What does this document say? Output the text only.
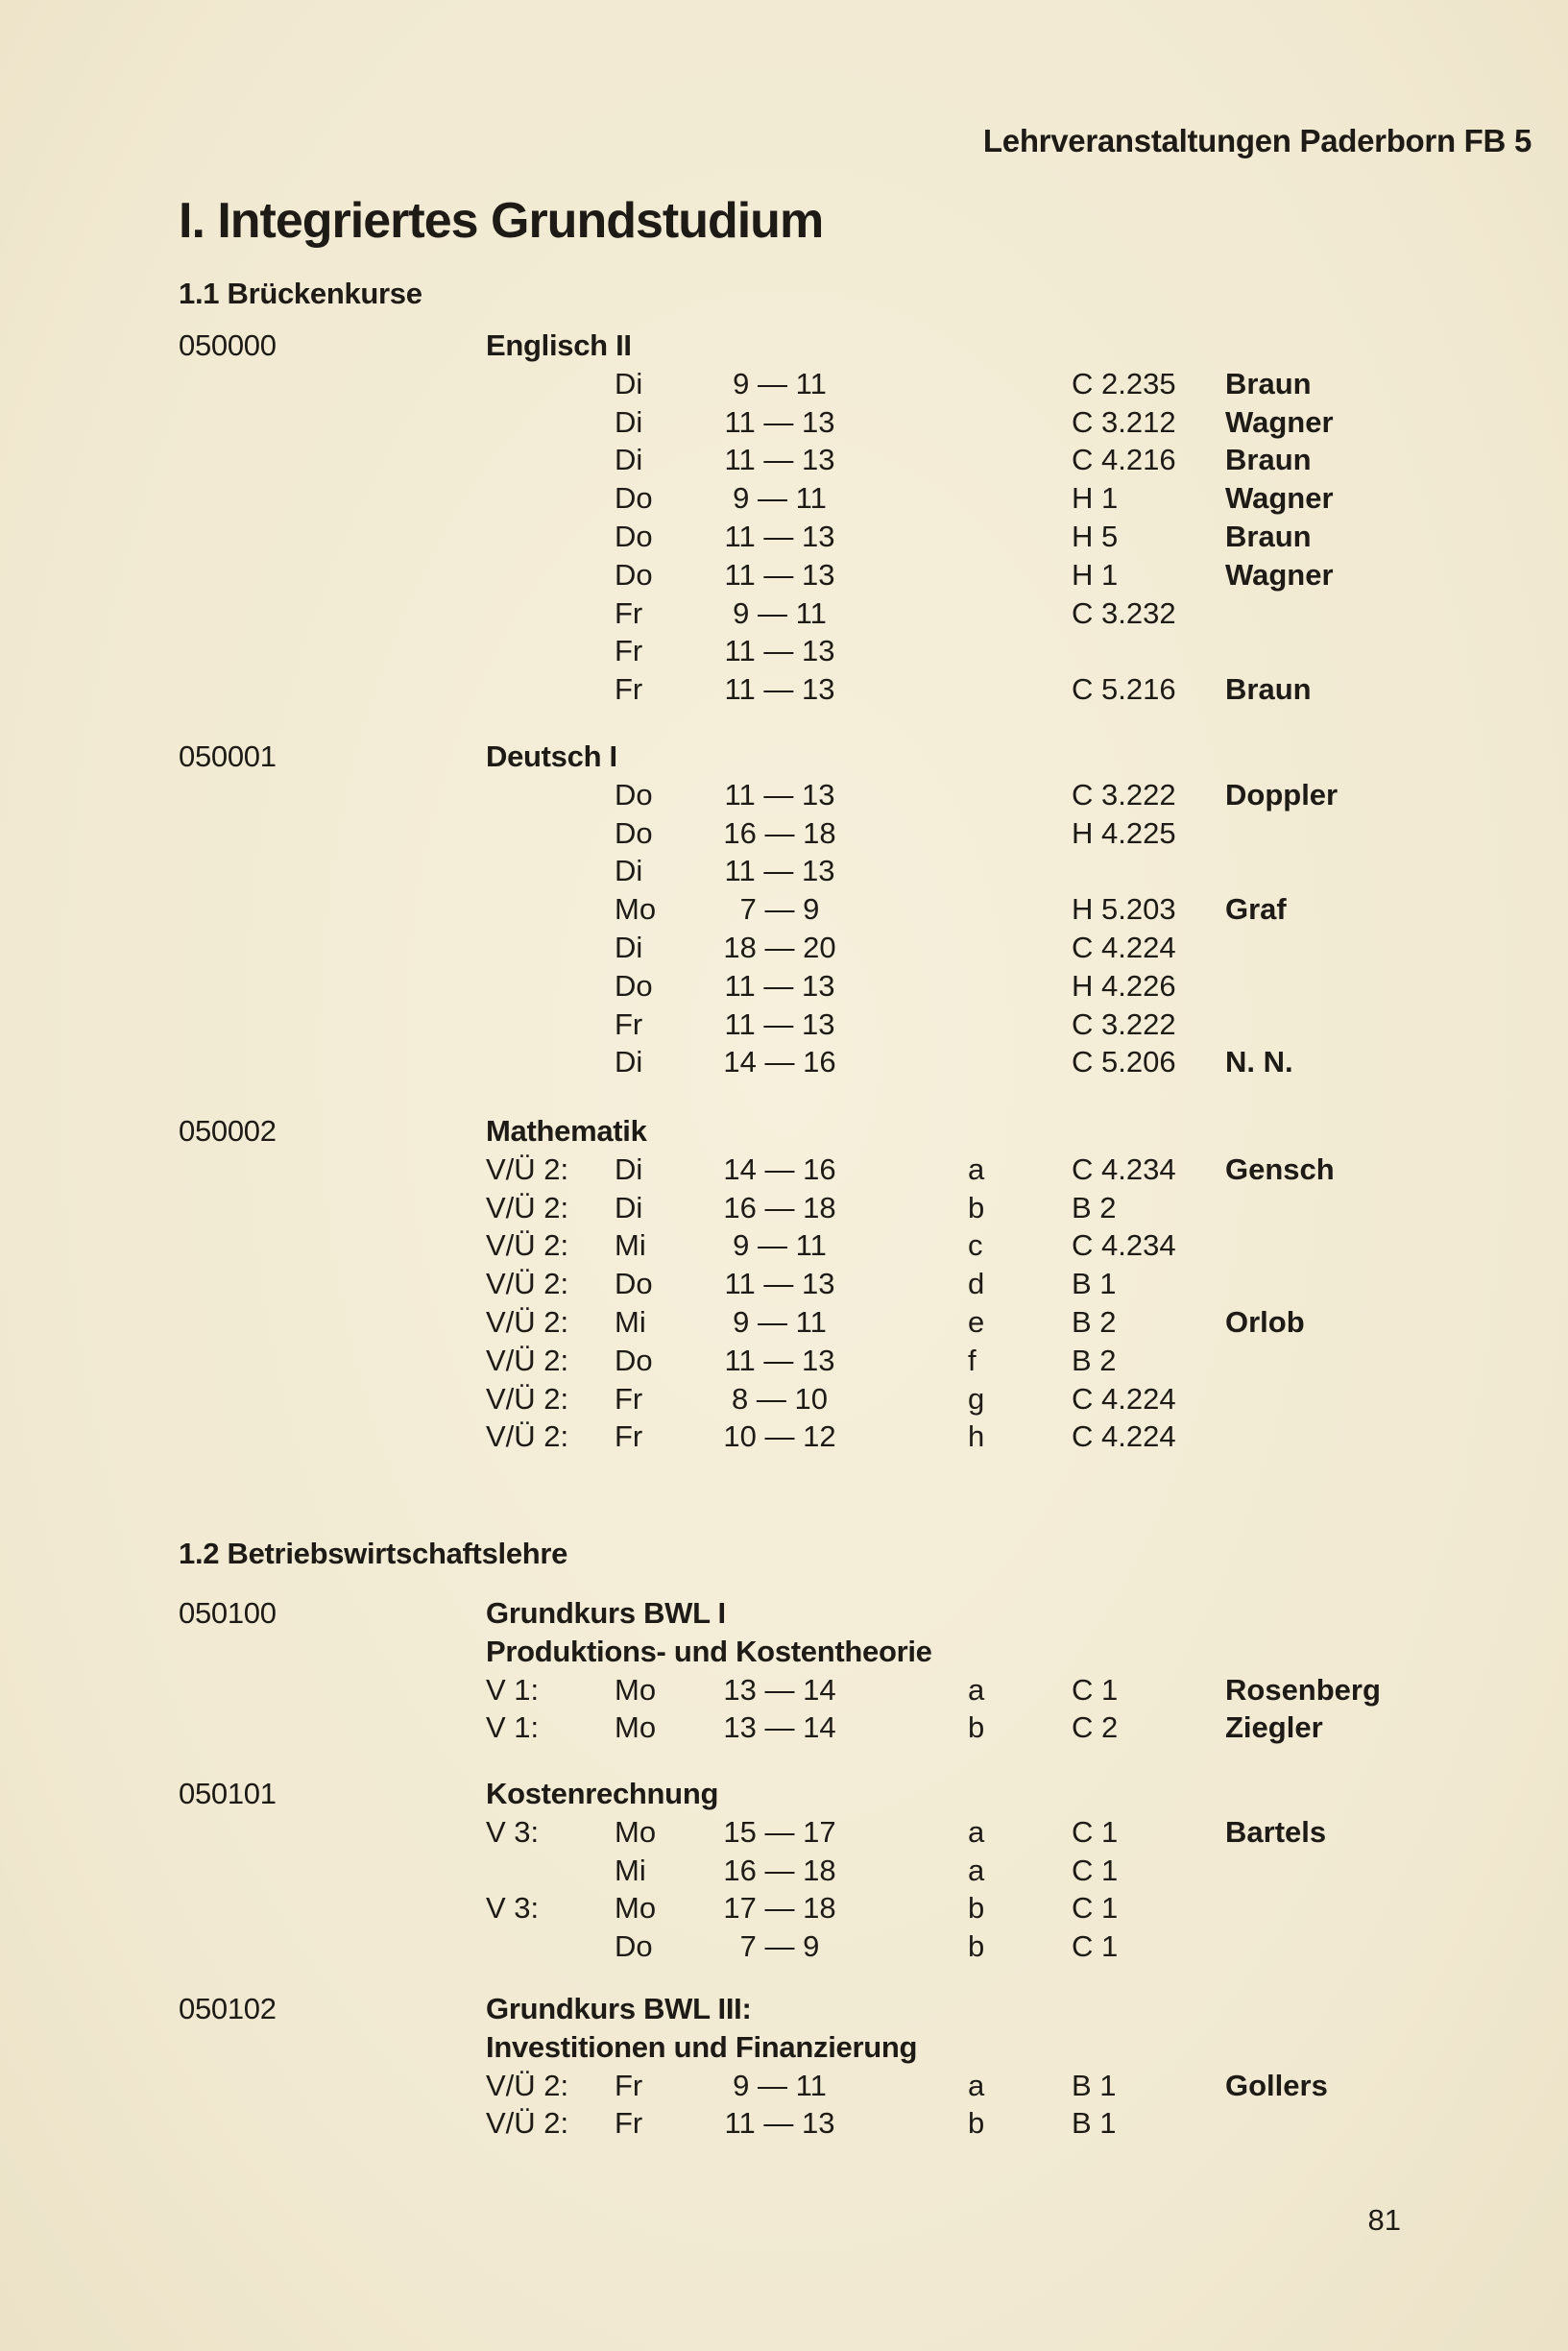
Lehrveranstaltungen Paderborn FB 5
I. Integriertes Grundstudium
1.1 Brückenkurse
050000	Englisch II
Di	9 — 11	C 2.235 Braun
Di	11 — 13	C 3.212 Wagner
Di	11 — 13	C 4.216 Braun
Do	9 — 11	H 1	Wagner
Do	11 — 13	H 5	Braun
Do	11 — 13	H 1	Wagner
Fr	9 — 11	C 3.232
Fr	11 — 13
Fr	11 — 13	C 5.216 Braun
050001	Deutsch I
Do	11 — 13	C 3.222 Doppler
Do	16 — 18	H 4.225
Di	11 — 13
Mo	7 — 9	H 5.203 Graf
Di	18 — 20	C 4.224
Do	11 — 13	H 4.226
Fr	11 — 13	C 3.222
Di	14 — 16	C 5.206 N. N.
050002	Mathematik
V/Ü 2: Di	14 — 16	a	C 4.234 Gensch
V/Ü 2: Di	16 — 18	b	B 2
V/Ü 2: Mi	9 — 11	c	C 4.234
V/Ü 2: Do	11 — 13	d	B 1
V/Ü 2: Mi	9 — 11	e	B 2	Orlob
V/Ü 2: Do	11 — 13	f	B 2
V/Ü 2: Fr	8 — 10	g	C 4.224
V/Ü 2: Fr	10 — 12	h	C 4.224
1.2 Betriebswirtschaftslehre
050100	Grundkurs BWL I
Produktions- und Kostentheorie
V 1:	Mo	13 — 14	a	C 1	Rosenberg
V 1:	Mo	13 — 14	b	C 2	Ziegler
050101	Kostenrechnung
V 3:	Mo	15 — 17	a	C 1	Bartels
Mi	16 — 18	a	C 1
V 3:	Mo	17 — 18	b	C 1
Do	7 — 9	b	C 1
050102	Grundkurs BWL III:
Investitionen und Finanzierung
V/Ü 2: Fr	9 — 11	a	B 1	Gollers
V/Ü 2: Fr	11 — 13	b	B 1
81
